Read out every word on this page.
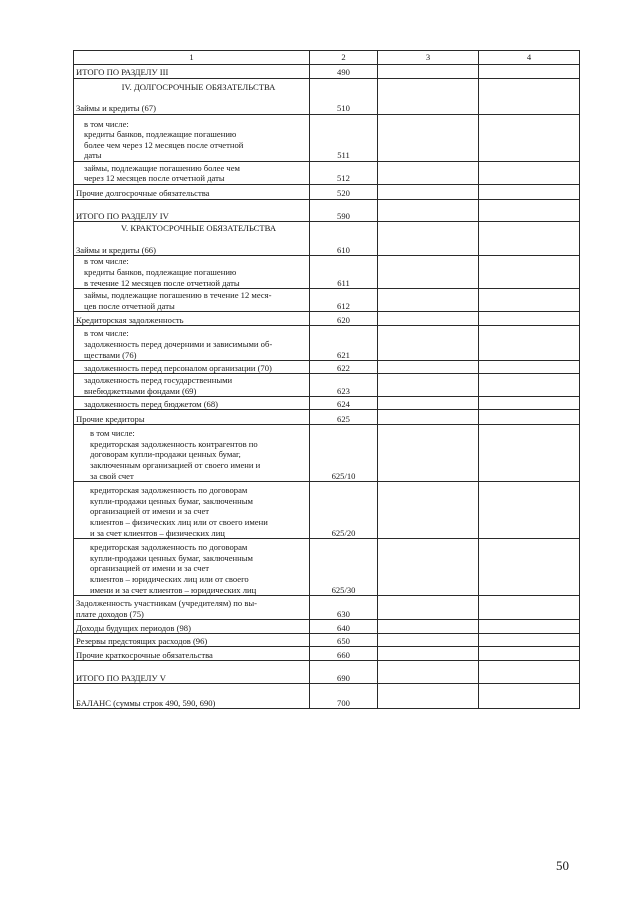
1	2	3	4

ИТОГО ПО РАЗДЕЛУ III	490		

IV. ДОЛГОСРОЧНЫЕ ОБЯЗАТЕЛЬСТВА

Займы и кредиты (67)	510		

в том числе:
кредиты банков, подлежащие погашению
более чем через 12 месяцев после отчетной
даты	511		

займы, подлежащие погашению более чем
через 12 месяцев после отчетной даты	512		

Прочие долгосрочные обязательства	520		

ИТОГО ПО РАЗДЕЛУ IV	590		

V. КРАКТОСРОЧНЫЕ ОБЯЗАТЕЛЬСТВА

Займы и кредиты (66)	610		

в том числе:
кредиты банков, подлежащие погашению
в течение 12 месяцев после отчетной даты	611		

займы, подлежащие погашению в течение 12 меся-
цев после отчетной даты	612		

Кредиторская задолженность	620		

в том числе:
задолженность перед дочерними и зависимыми об-
ществами (76)	621		

задолженность перед персоналом организации (70)	622		

задолженность перед государственными
внебюджетными фондами (69)	623		

задолженность перед бюджетом (68)	624		

Прочие кредиторы	625		

в том числе:
кредиторская задолженность контрагентов по
договорам купли-продажи ценных бумаг,
заключенным организацией от своего имени и
за свой счет	625/10		

кредиторская задолженность по договорам
купли-продажи ценных бумаг, заключенным
организацией от имени и за счет
клиентов – физических лиц или от своего имени
и за счет клиентов – физических лиц	625/20		

кредиторская задолженность по договорам
купли-продажи ценных бумаг, заключенным
организацией от имени и за счет
клиентов – юридических лиц или от своего
имени и за счет клиентов – юридических лиц	625/30		

Задолженность участникам (учредителям) по вы-
плате доходов (75)	630		

Доходы будущих периодов (98)	640		

Резервы предстоящих расходов (96)	650		

Прочие краткосрочные обязательства	660		

ИТОГО ПО РАЗДЕЛУ V	690		

БАЛАНС (суммы строк 490, 590, 690)	700		
50
